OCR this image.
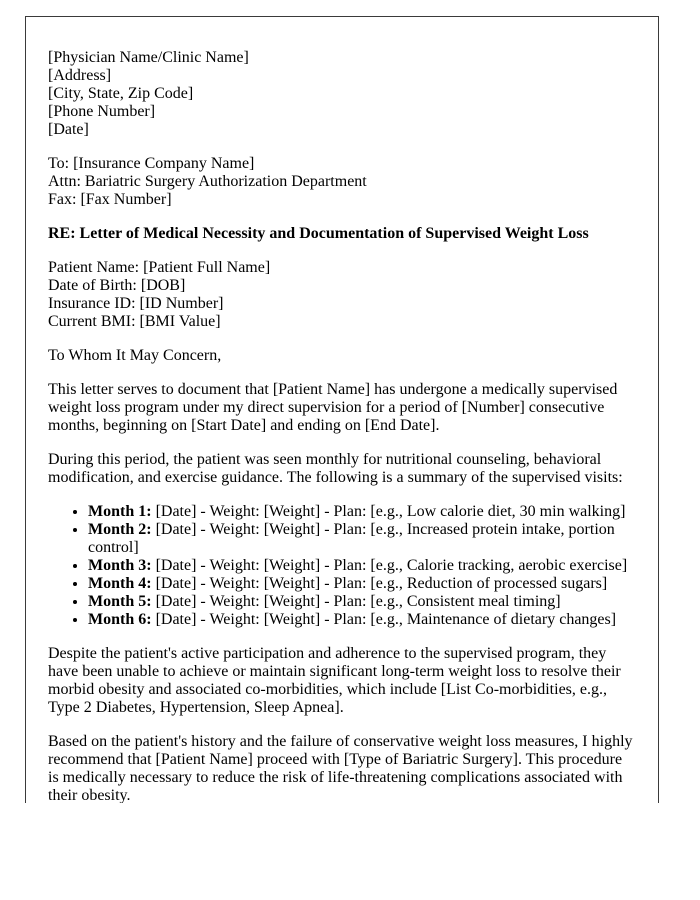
[Physician Name/Clinic Name]
[Address]
[City, State, Zip Code]
[Phone Number]
[Date]
To: [Insurance Company Name]
Attn: Bariatric Surgery Authorization Department
Fax: [Fax Number]
RE: Letter of Medical Necessity and Documentation of Supervised Weight Loss
Patient Name: [Patient Full Name]
Date of Birth: [DOB]
Insurance ID: [ID Number]
Current BMI: [BMI Value]
To Whom It May Concern,
This letter serves to document that [Patient Name] has undergone a medically supervised weight loss program under my direct supervision for a period of [Number] consecutive months, beginning on [Start Date] and ending on [End Date].
During this period, the patient was seen monthly for nutritional counseling, behavioral modification, and exercise guidance. The following is a summary of the supervised visits:
• Month 1: [Date] - Weight: [Weight] - Plan: [e.g., Low calorie diet, 30 min walking]
• Month 2: [Date] - Weight: [Weight] - Plan: [e.g., Increased protein intake, portion control]
• Month 3: [Date] - Weight: [Weight] - Plan: [e.g., Calorie tracking, aerobic exercise]
• Month 4: [Date] - Weight: [Weight] - Plan: [e.g., Reduction of processed sugars]
• Month 5: [Date] - Weight: [Weight] - Plan: [e.g., Consistent meal timing]
• Month 6: [Date] - Weight: [Weight] - Plan: [e.g., Maintenance of dietary changes]
Despite the patient's active participation and adherence to the supervised program, they have been unable to achieve or maintain significant long-term weight loss to resolve their morbid obesity and associated co-morbidities, which include [List Co-morbidities, e.g., Type 2 Diabetes, Hypertension, Sleep Apnea].
Based on the patient's history and the failure of conservative weight loss measures, I highly recommend that [Patient Name] proceed with [Type of Bariatric Surgery]. This procedure is medically necessary to reduce the risk of life-threatening complications associated with their obesity.
